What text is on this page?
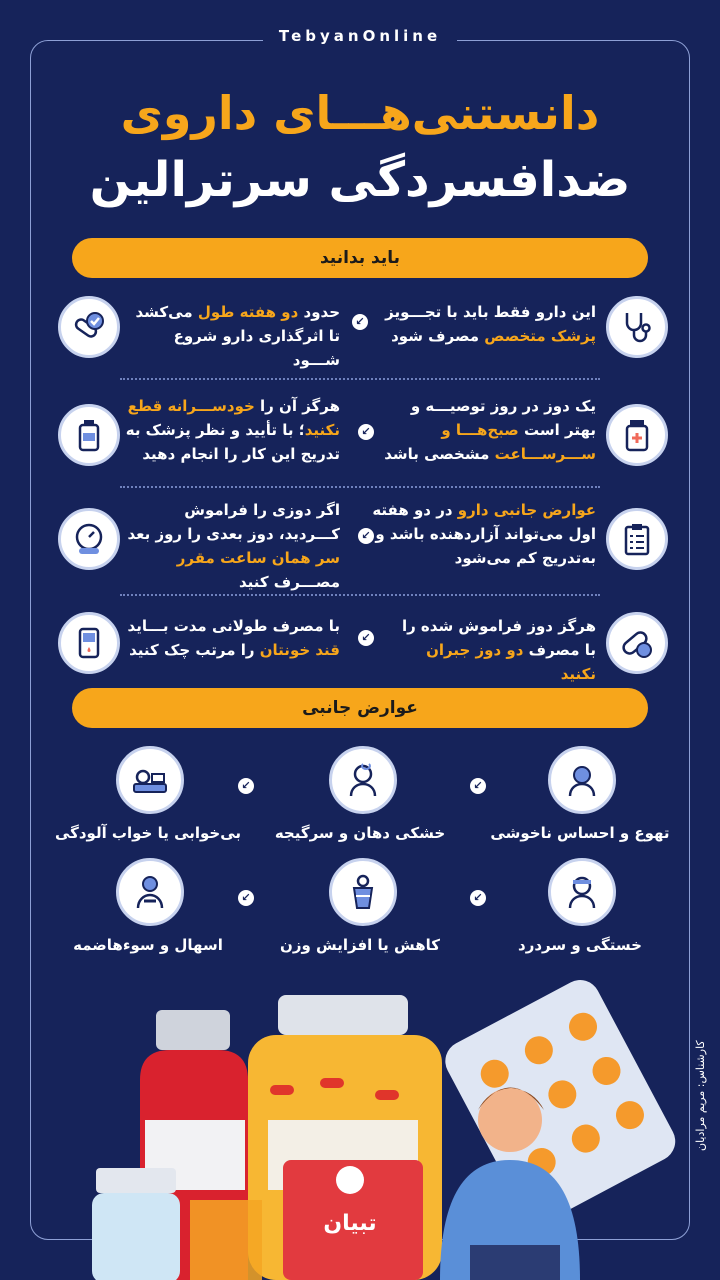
TebyanOnline
دانستنی‌هـــای داروی
ضدافسردگی سرترالین
باید بدانید
این دارو فقط باید با تجـــویز پزشک متخصص مصرف شود
↙
حدود دو هفته طول می‌کشد تا اثرگذاری دارو شروع شـــود
یک دوز در روز توصیـــه و بهتر است صبح‌هـــا و ســـرســـاعت مشخصی باشد
↙
هرگز آن را خودســـرانه قطع نکنید؛ با تأیید و نظر پزشک به تدریج این کار را انجام دهید
عوارض جانبی دارو در دو هفته اول می‌تواند آزاردهنده باشد و به‌تدریج کم می‌شود
↙
اگر دوزی را فراموش کـــردید، دوز بعدی را روز بعد سر همان ساعت مقرر مصـــرف کنید
هرگز دوز فراموش شده را با مصرف دو دوز جبران نکنید
↙
با مصرف طولانی مدت بـــاید قند خونتان را مرتب چک کنید
عوارض جانبی
تهوع و احساس ناخوشی
خشکی دهان و سرگیجه
بی‌خوابی یا خواب آلودگی
↙
↙
خستگی و سردرد
کاهش یا افزایش وزن
اسهال و سوءهاضمه
↙
↙
کارشناس: مریم مرادیان
تبیان
